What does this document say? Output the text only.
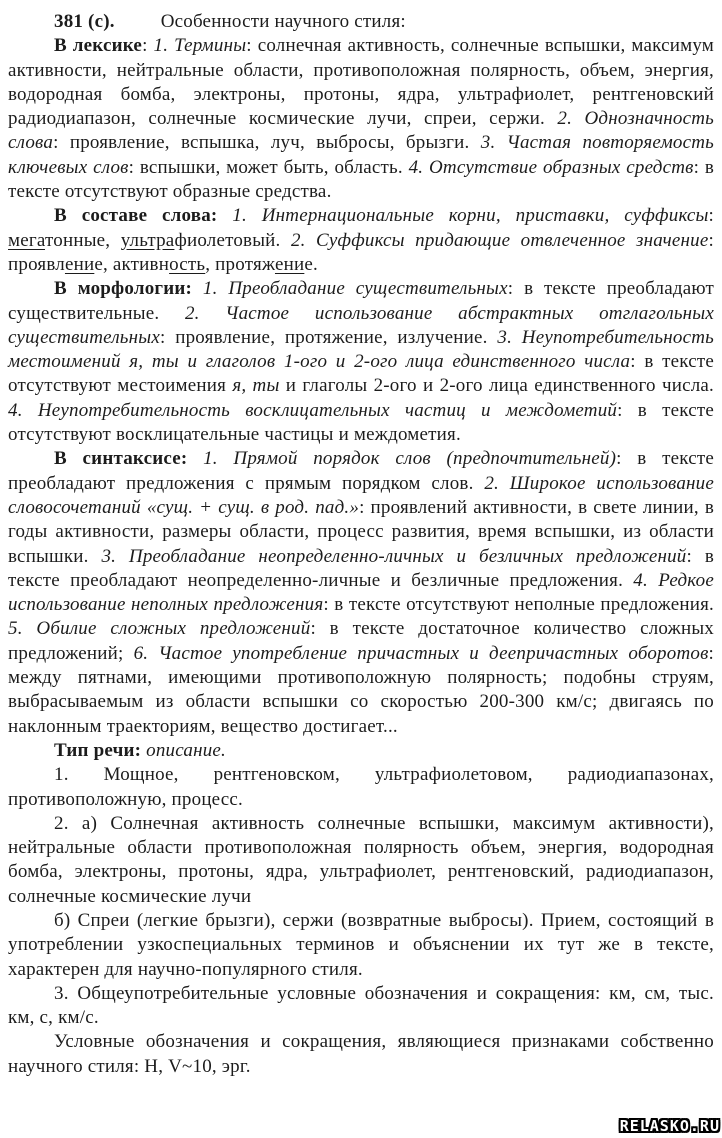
381 (с). Особенности научного стиля:

В лексике: 1. Термины: солнечная активность, солнечные вспышки, максимум активности, нейтральные области, противоположная полярность, объем, энергия, водородная бомба, электроны, протоны, ядра, ультрафиолет, рентгеновский радиодиапазон, солнечные космические лучи, спреи, сержи. 2. Однозначность слова: проявление, вспышка, луч, выбросы, брызги. 3. Частая повторяемость ключевых слов: вспышки, может быть, область. 4. Отсутствие образных средств: в тексте отсутствуют образные средства.

В составе слова: 1. Интернациональные корни, приставки, суффиксы: мегатонные, ультрафиолетовый. 2. Суффиксы придающие отвлеченное значение: проявление, активность, протяжение.

В морфологии: 1. Преобладание существительных: в тексте преобладают существительные. 2. Частое использование абстрактных отглагольных существительных: проявление, протяжение, излучение. 3. Неупотребительность местоимений я, ты и глаголов 1-ого и 2-ого лица единственного числа: в тексте отсутствуют местоимения я, ты и глаголы 2-ого и 2-ого лица единственного числа. 4. Неупотребительность восклицательных частиц и междометий: в тексте отсутствуют восклицательные частицы и междометия.

В синтаксисе: 1. Прямой порядок слов (предпочтительней): в тексте преобладают предложения с прямым порядком слов. 2. Широкое использование словосочетаний «сущ. + сущ. в род. пад.»: проявлений активности, в свете линии, в годы активности, размеры области, процесс развития, время вспышки, из области вспышки. 3. Преобладание неопределенно-личных и безличных предложений: в тексте преобладают неопределенно-личные и безличные предложения. 4. Редкое использование неполных предложения: в тексте отсутствуют неполные предложения. 5. Обилие сложных предложений: в тексте достаточное количество сложных предложений; 6. Частое употребление причастных и деепричастных оборотов: между пятнами, имеющими противоположную полярность; подобны струям, выбрасываемым из области вспышки со скоростью 200-300 км/с; двигаясь по наклонным траекториям, вещество достигает...

Тип речи: описание.

1. Мощное, рентгеновском, ультрафиолетовом, радиодиапазонах, противоположную, процесс.

2. а) Солнечная активность солнечные вспышки, максимум активности), нейтральные области противоположная полярность объем, энергия, водородная бомба, электроны, протоны, ядра, ультрафиолет, рентгеновский, радиодиапазон, солнечные космические лучи

б) Спреи (легкие брызги), сержи (возвратные выбросы). Прием, состоящий в употреблении узкоспециальных терминов и объяснении их тут же в тексте, характерен для научно-популярного стиля.

3. Общеупотребительные условные обозначения и сокращения: км, см, тыс. км, с, км/с.

Условные обозначения и сокращения, являющиеся признаками собственно научного стиля: Н, V~10, эрг.

RELASKO.RU
